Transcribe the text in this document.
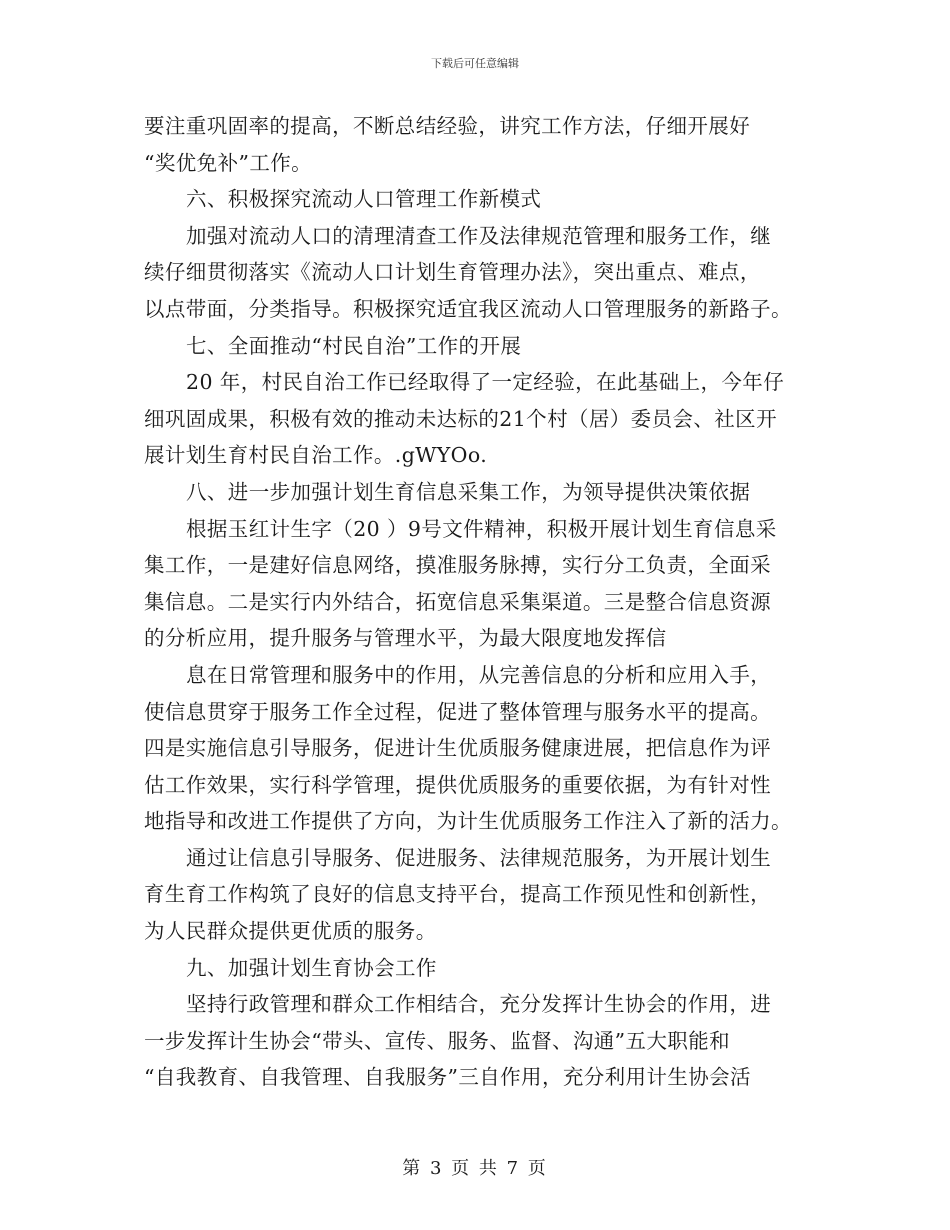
下载后可任意编辑
要注重巩固率的提高，不断总结经验，讲究工作方法，仔细开展好
“奖优免补”工作。
六、积极探究流动人口管理工作新模式
加强对流动人口的清理清查工作及法律规范管理和服务工作，继
续仔细贯彻落实《流动人口计划生育管理办法》，突出重点、难点，
以点带面，分类指导。积极探究适宜我区流动人口管理服务的新路子。
七、全面推动“村民自治”工作的开展
20 年，村民自治工作已经取得了一定经验，在此基础上，今年仔
细巩固成果，积极有效的推动未达标的21个村（居）委员会、社区开
展计划生育村民自治工作。.gWYOo.
八、进一步加强计划生育信息采集工作，为领导提供决策依据
根据玉红计生字（20 ）9号文件精神，积极开展计划生育信息采
集工作，一是建好信息网络，摸准服务脉搏，实行分工负责，全面采
集信息。二是实行内外结合，拓宽信息采集渠道。三是整合信息资源
的分析应用，提升服务与管理水平，为最大限度地发挥信
息在日常管理和服务中的作用，从完善信息的分析和应用入手，
使信息贯穿于服务工作全过程，促进了整体管理与服务水平的提高。
四是实施信息引导服务，促进计生优质服务健康进展，把信息作为评
估工作效果，实行科学管理，提供优质服务的重要依据，为有针对性
地指导和改进工作提供了方向，为计生优质服务工作注入了新的活力。
通过让信息引导服务、促进服务、法律规范服务，为开展计划生
育生育工作构筑了良好的信息支持平台，提高工作预见性和创新性，
为人民群众提供更优质的服务。
九、加强计划生育协会工作
坚持行政管理和群众工作相结合，充分发挥计生协会的作用，进
一步发挥计生协会“带头、宣传、服务、监督、沟通”五大职能和
“自我教育、自我管理、自我服务”三自作用，充分利用计生协会活
第 3 页 共 7 页
